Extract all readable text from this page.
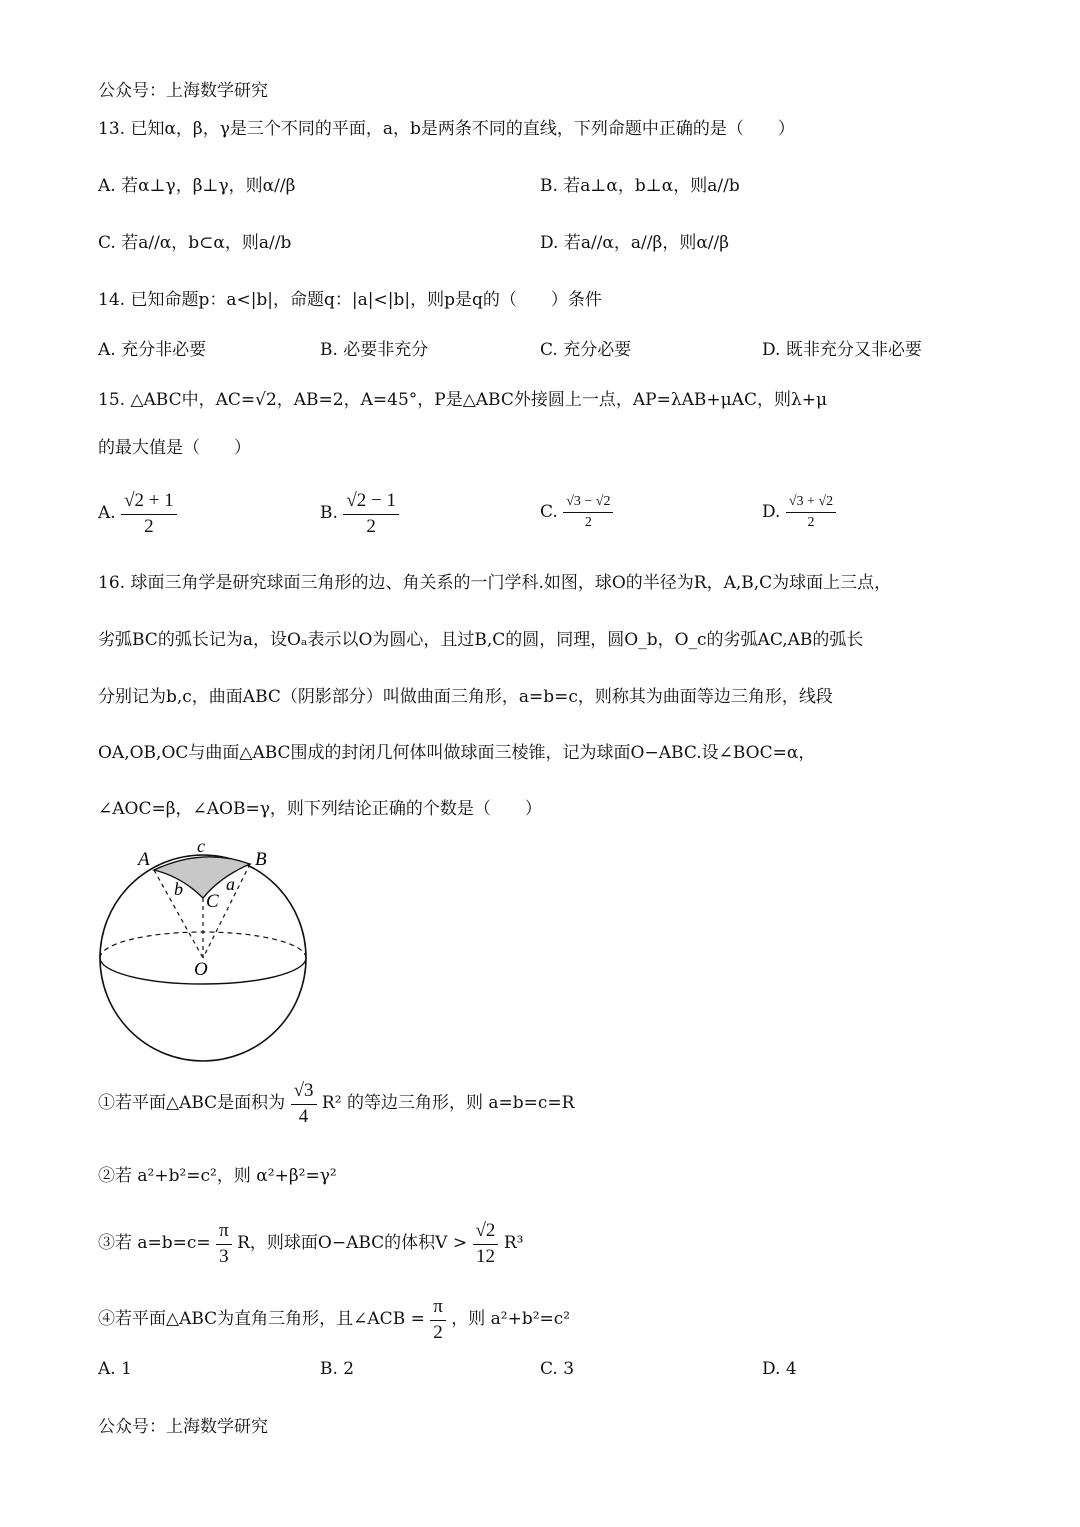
公众号：上海数学研究
13. 已知α，β，γ是三个不同的平面，a，b是两条不同的直线，下列命题中正确的是（　　）
A. 若α⊥γ，β⊥γ，则α//β	B. 若a⊥α，b⊥α，则a//b
C. 若a//α，b⊂α，则a//b	D. 若a//α，a//β，则α//β
14. 已知命题p：a<|b|，命题q：|a|<|b|，则p是q的（　　）条件
A. 充分非必要	B. 必要非充分	C. 充分必要	D. 既非充分又非必要
15. △ABC中，AC=√2，AB=2，A=45°，P是△ABC外接圆上一点，AP=λAB+μAC，则λ+μ
的最大值是（　　）
A. $\frac{√2 + 1}{2}$	B. $\frac{√2 - 1}{2}$	C. $\frac{√3 - √2}{2}$	D. $\frac{√3 + √2}{2}$
16. 球面三角学是研究球面三角形的边、角关系的一门学科.如图，球O的半径为R，A,B,C为球面上三点，
劣弧BC的弧长记为a，设Oₐ表示以O为圆心，且过B,C的圆，同理，圆O_b，O_c的劣弧AC,AB的弧长
分别记为b,c，曲面ABC（阴影部分）叫做曲面三角形，a=b=c，则称其为曲面等边三角形，线段
OA,OB,OC与曲面△ABC围成的封闭几何体叫做球面三棱锥，记为球面O−ABC.设∠BOC=α，
∠AOC=β，∠AOB=γ，则下列结论正确的个数是（　　）
A	B
C
O
a
b
c
①若平面△ABC是面积为 $\frac{√3}{4} R^2$ 的等边三角形，则 a=b=c=R
②若 a²+b²=c²，则 α²+β²=γ²
③若 $a=b=c= \frac{\pi}{3}$ R，则球面O−ABC的体积$V > \frac{√2}{12} R^3$
④若平面△ABC为直角三角形，且∠ACB = $\frac{\pi}{2}$ ，则 a²+b²=c²
A. 1	B. 2	C. 3	D. 4
公众号：上海数学研究
